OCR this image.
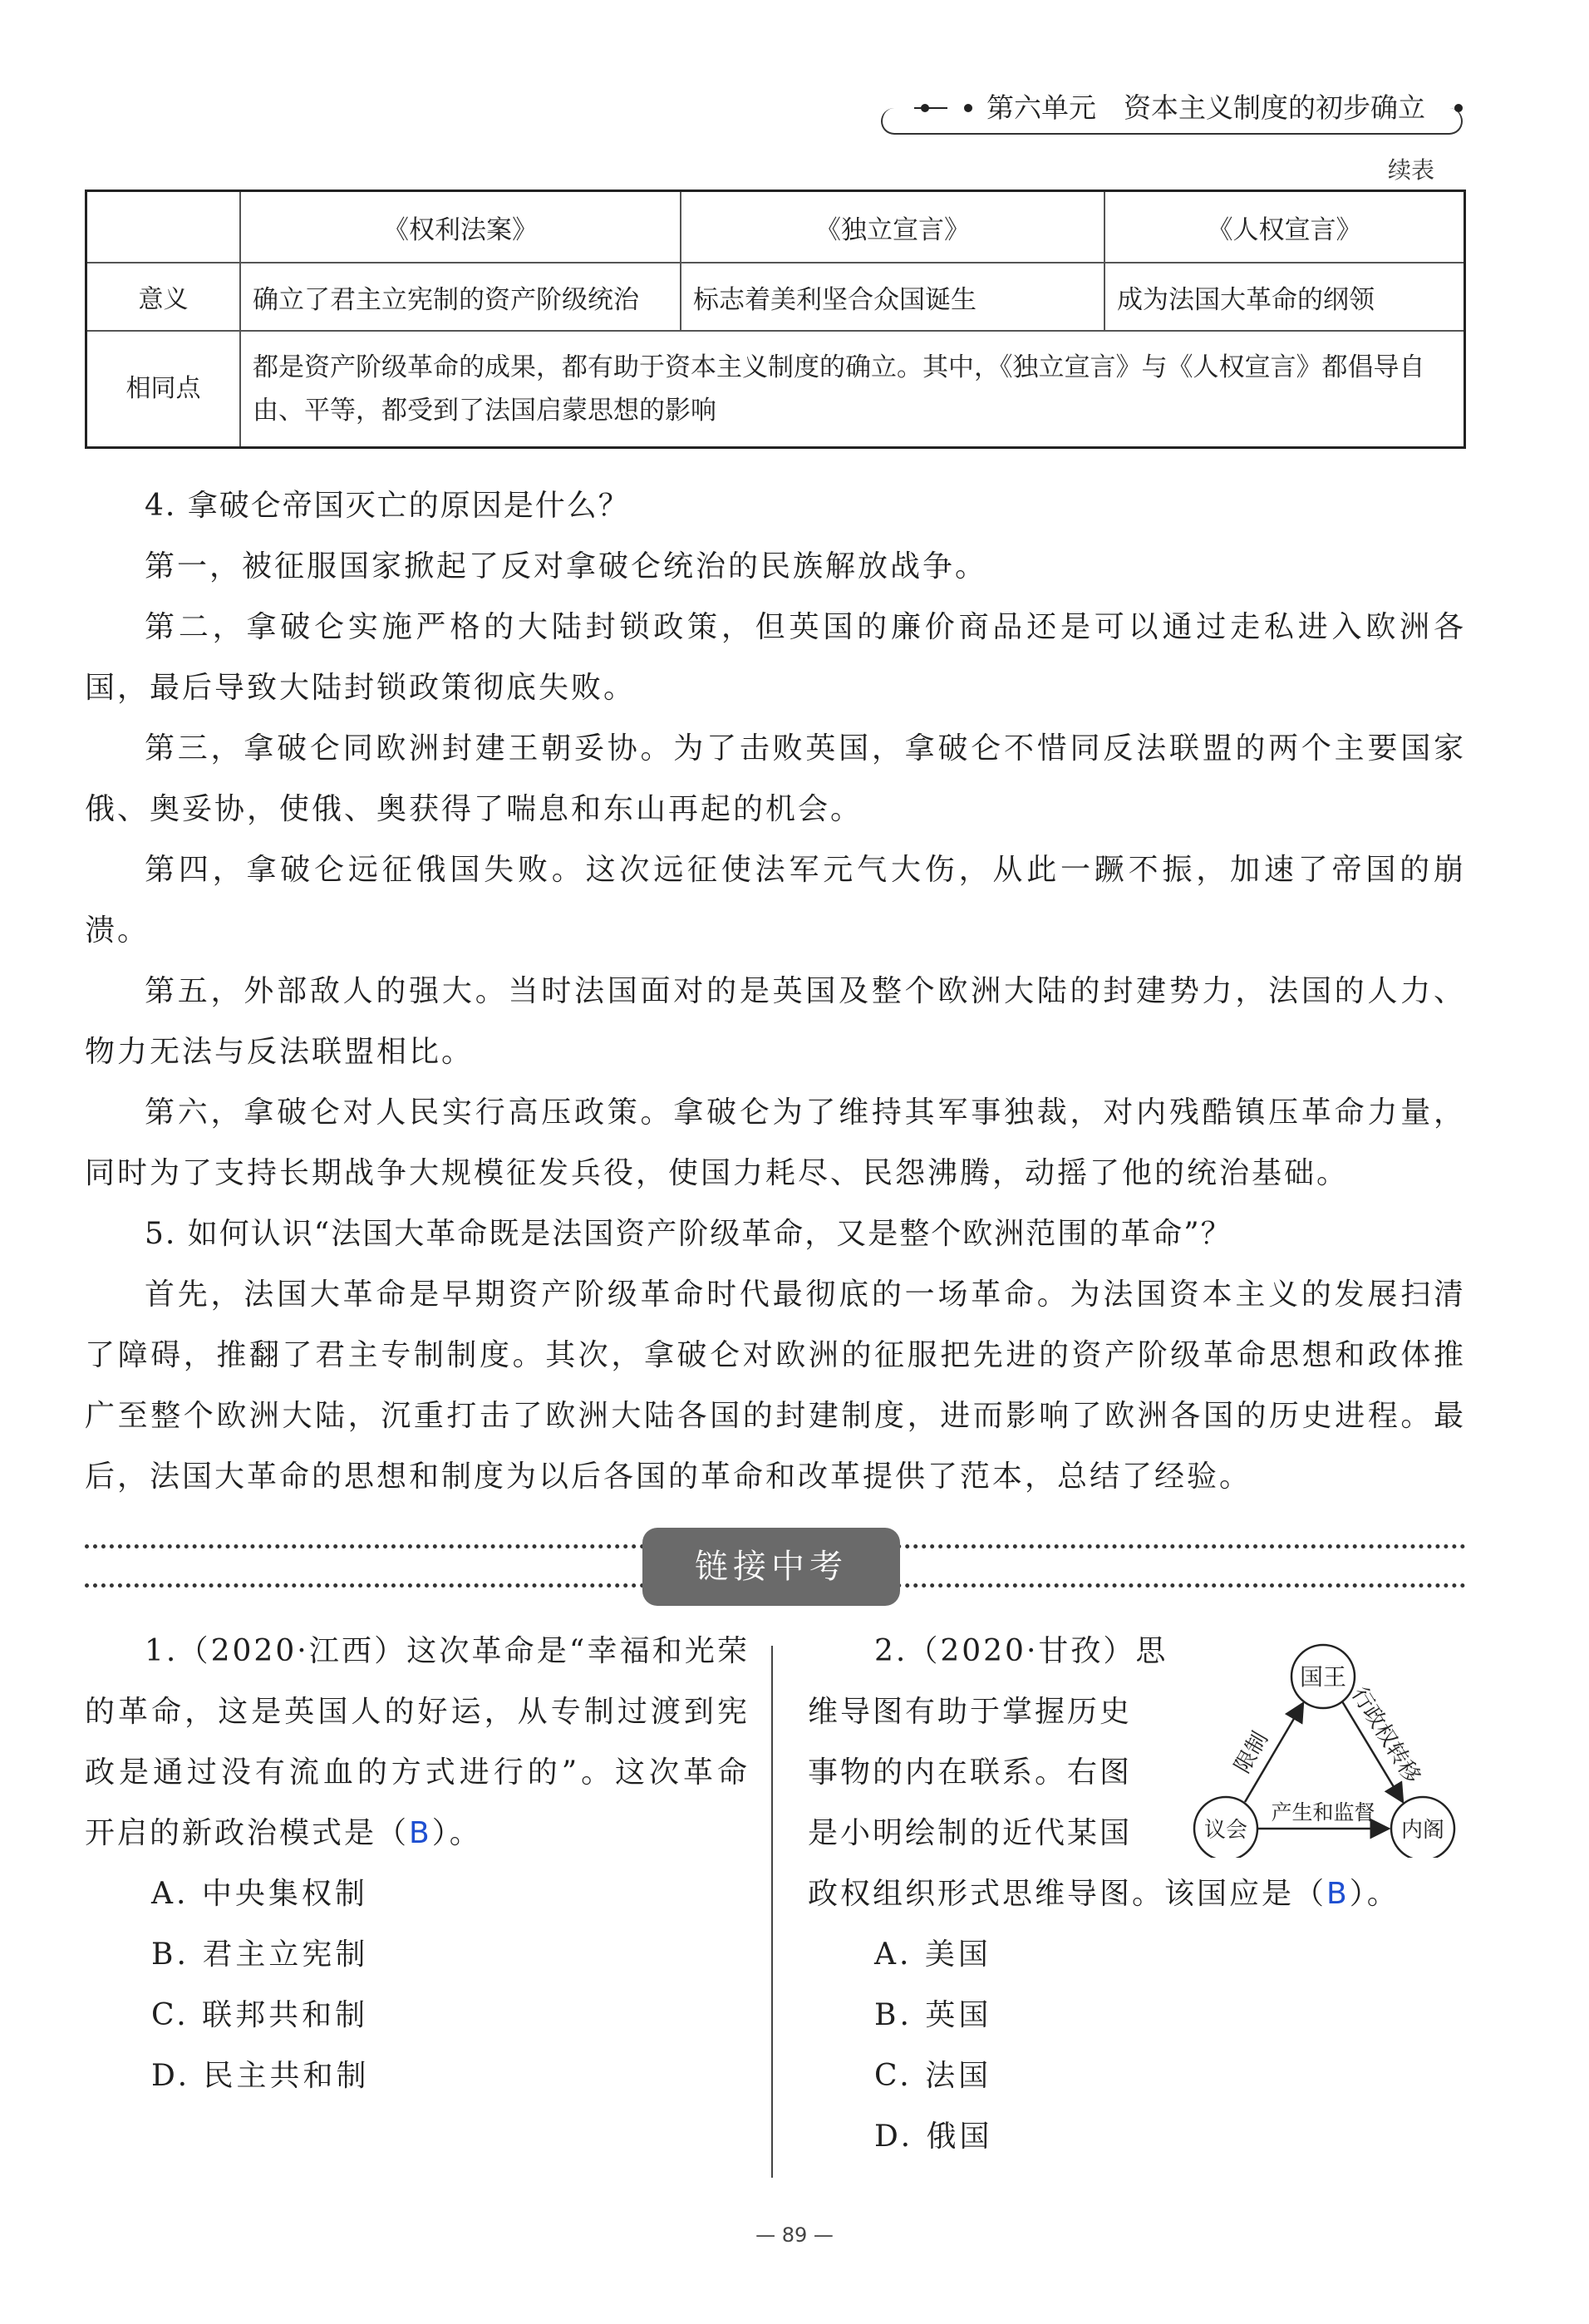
第六单元　资本主义制度的初步确立
续表
	《权利法案》	《独立宣言》	《人权宣言》
意义	确立了君主立宪制的资产阶级统治	标志着美利坚合众国诞生	成为法国大革命的纲领
相同点	都是资产阶级革命的成果，都有助于资本主义制度的确立。其中，《独立宣言》与《人权宣言》都倡导自由、平等，都受到了法国启蒙思想的影响		

4. 拿破仑帝国灭亡的原因是什么？

第一，被征服国家掀起了反对拿破仑统治的民族解放战争。

第二，拿破仑实施严格的大陆封锁政策，但英国的廉价商品还是可以通过走私进入欧洲各国，最后导致大陆封锁政策彻底失败。

第三，拿破仑同欧洲封建王朝妥协。为了击败英国，拿破仑不惜同反法联盟的两个主要国家俄、奥妥协，使俄、奥获得了喘息和东山再起的机会。

第四，拿破仑远征俄国失败。这次远征使法军元气大伤，从此一蹶不振，加速了帝国的崩溃。

第五，外部敌人的强大。当时法国面对的是英国及整个欧洲大陆的封建势力，法国的人力、物力无法与反法联盟相比。

第六，拿破仑对人民实行高压政策。拿破仑为了维持其军事独裁，对内残酷镇压革命力量，同时为了支持长期战争大规模征发兵役，使国力耗尽、民怨沸腾，动摇了他的统治基础。

5. 如何认识“法国大革命既是法国资产阶级革命，又是整个欧洲范围的革命”？

首先，法国大革命是早期资产阶级革命时代最彻底的一场革命。为法国资本主义的发展扫清了障碍，推翻了君主专制制度。其次，拿破仑对欧洲的征服把先进的资产阶级革命思想和政体推广至整个欧洲大陆，沉重打击了欧洲大陆各国的封建制度，进而影响了欧洲各国的历史进程。最后，法国大革命的思想和制度为以后各国的革命和改革提供了范本，总结了经验。

链接中考

1.（2020·江西）这次革命是“幸福和光荣的革命，这是英国人的好运，从专制过渡到宪政是通过没有流血的方式进行的”。这次革命开启的新政治模式是（B）。

A. 中央集权制

B. 君主立宪制

C. 联邦共和制

D. 民主共和制

2.（2020·甘孜）思

维导图有助于掌握历史

事物的内在联系。右图

是小明绘制的近代某国

政权组织形式思维导图。该国应是（B）。

A. 美国

B. 英国

C. 法国

D. 俄国

国王
议会	内阁
限制	行政权转移
产生和监督
— 89 —
